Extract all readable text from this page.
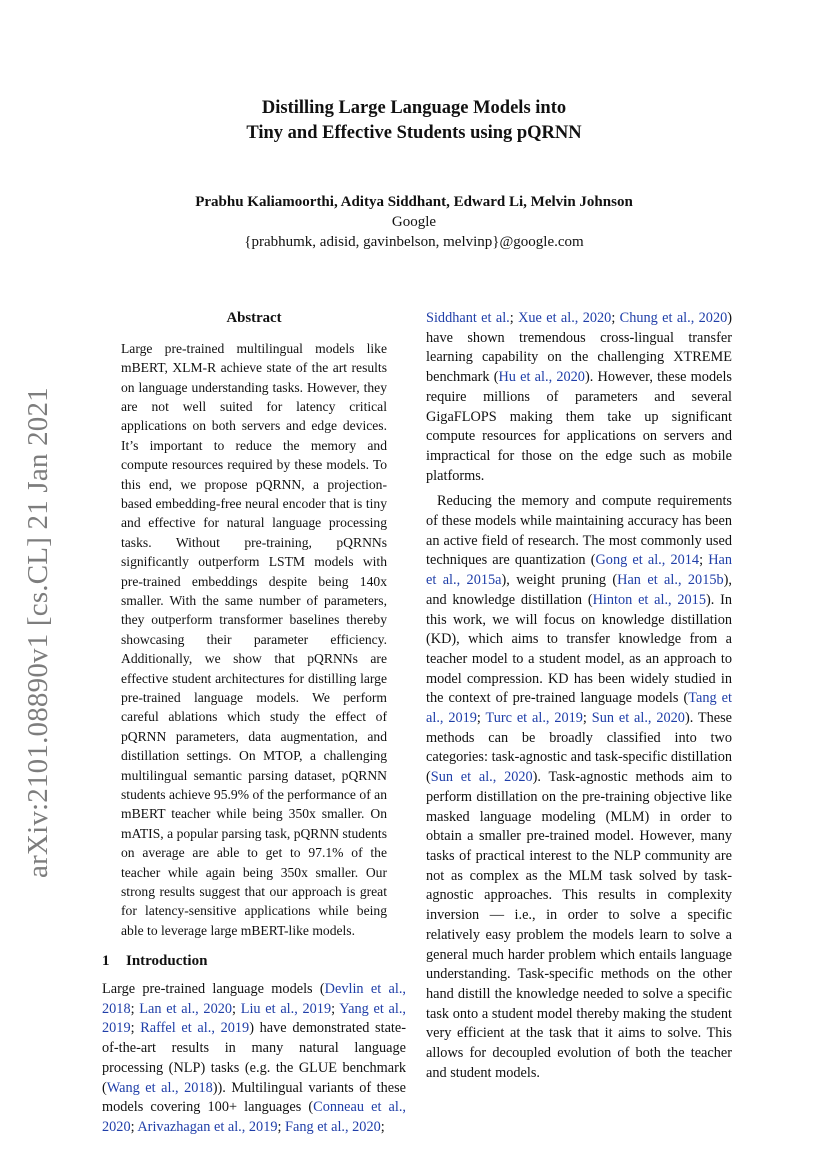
arXiv:2101.08890v1 [cs.CL] 21 Jan 2021
Distilling Large Language Models into
Tiny and Effective Students using pQRNN
Prabhu Kaliamoorthi, Aditya Siddhant, Edward Li, Melvin Johnson
Google
{prabhumk, adisid, gavinbelson, melvinp}@google.com
Abstract
Large pre-trained multilingual models like mBERT, XLM-R achieve state of the art results on language understanding tasks. However, they are not well suited for latency critical applications on both servers and edge devices. It’s important to reduce the memory and compute resources required by these models. To this end, we propose pQRNN, a projection-based embedding-free neural encoder that is tiny and effective for natural language processing tasks. Without pre-training, pQRNNs significantly outperform LSTM models with pre-trained embeddings despite being 140x smaller. With the same number of parameters, they outperform transformer baselines thereby showcasing their parameter efficiency. Additionally, we show that pQRNNs are effective student architectures for distilling large pre-trained language models. We perform careful ablations which study the effect of pQRNN parameters, data augmentation, and distillation settings. On MTOP, a challenging multilingual semantic parsing dataset, pQRNN students achieve 95.9% of the performance of an mBERT teacher while being 350x smaller. On mATIS, a popular parsing task, pQRNN students on average are able to get to 97.1% of the teacher while again being 350x smaller. Our strong results suggest that our approach is great for latency-sensitive applications while being able to leverage large mBERT-like models.
1 Introduction

Large pre-trained language models (Devlin et al., 2018; Lan et al., 2020; Liu et al., 2019; Yang et al., 2019; Raffel et al., 2019) have demonstrated state-of-the-art results in many natural language processing (NLP) tasks (e.g. the GLUE benchmark (Wang et al., 2018)). Multilingual variants of these models covering 100+ languages (Conneau et al., 2020; Arivazhagan et al., 2019; Fang et al., 2020;

Siddhant et al.; Xue et al., 2020; Chung et al., 2020) have shown tremendous cross-lingual transfer learning capability on the challenging XTREME benchmark (Hu et al., 2020). However, these models require millions of parameters and several GigaFLOPS making them take up significant compute resources for applications on servers and impractical for those on the edge such as mobile platforms.

Reducing the memory and compute requirements of these models while maintaining accuracy has been an active field of research. The most commonly used techniques are quantization (Gong et al., 2014; Han et al., 2015a), weight pruning (Han et al., 2015b), and knowledge distillation (Hinton et al., 2015). In this work, we will focus on knowledge distillation (KD), which aims to transfer knowledge from a teacher model to a student model, as an approach to model compression. KD has been widely studied in the context of pre-trained language models (Tang et al., 2019; Turc et al., 2019; Sun et al., 2020). These methods can be broadly classified into two categories: task-agnostic and task-specific distillation (Sun et al., 2020). Task-agnostic methods aim to perform distillation on the pre-training objective like masked language modeling (MLM) in order to obtain a smaller pre-trained model. However, many tasks of practical interest to the NLP community are not as complex as the MLM task solved by task-agnostic approaches. This results in complexity inversion — i.e., in order to solve a specific relatively easy problem the models learn to solve a general much harder problem which entails language understanding. Task-specific methods on the other hand distill the knowledge needed to solve a specific task onto a student model thereby making the student very efficient at the task that it aims to solve. This allows for decoupled evolution of both the teacher and student models.
